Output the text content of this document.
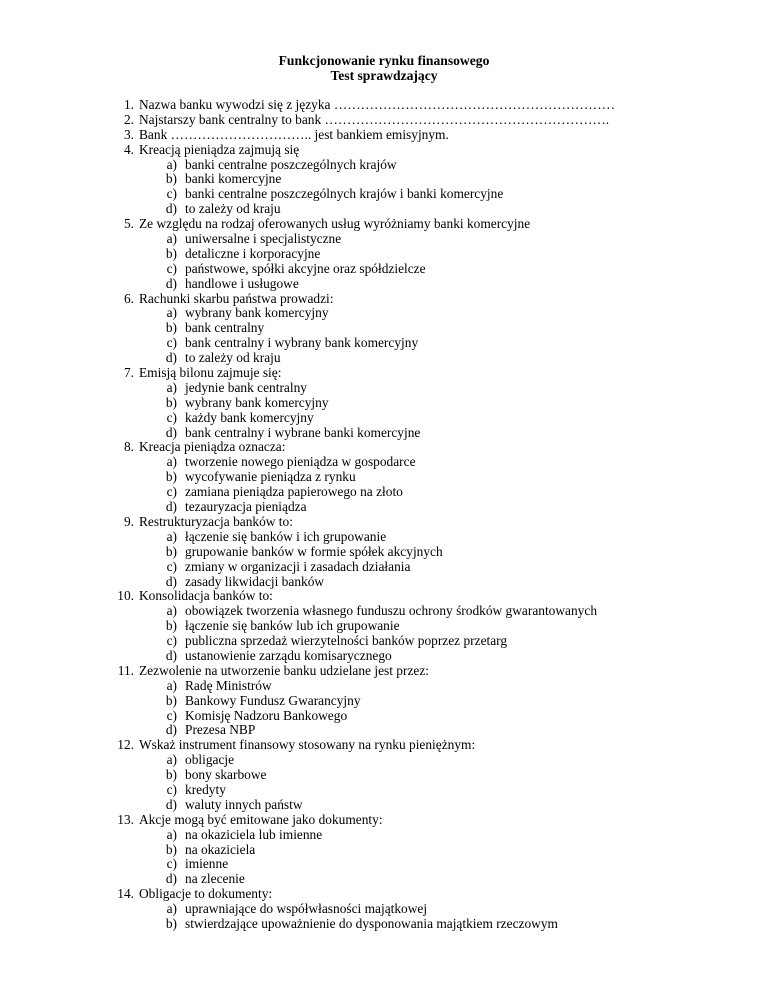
Funkcjonowanie rynku finansowego
Test sprawdzający
1. Nazwa banku wywodzi się z języka ………………………………………………………
2. Najstarszy bank centralny to bank ……………………………………………………….
3. Bank ………………………….. jest bankiem emisyjnym.
4. Kreacją pieniądza zajmują się
a) banki centralne poszczególnych krajów
b) banki komercyjne
c) banki centralne poszczególnych krajów i banki komercyjne
d) to zależy od kraju
5. Ze względu na rodzaj oferowanych usług wyróżniamy banki komercyjne
a) uniwersalne i specjalistyczne
b) detaliczne i korporacyjne
c) państwowe, spółki akcyjne oraz spółdzielcze
d) handlowe i usługowe
6. Rachunki skarbu państwa prowadzi:
a) wybrany bank komercyjny
b) bank centralny
c) bank centralny i wybrany bank komercyjny
d) to zależy od kraju
7. Emisją bilonu zajmuje się:
a) jedynie bank centralny
b) wybrany bank komercyjny
c) każdy bank komercyjny
d) bank centralny i wybrane banki komercyjne
8. Kreacja pieniądza oznacza:
a) tworzenie nowego pieniądza w gospodarce
b) wycofywanie pieniądza z rynku
c) zamiana pieniądza papierowego na złoto
d) tezauryzacja pieniądza
9. Restrukturyzacja banków to:
a) łączenie się banków i ich grupowanie
b) grupowanie banków w formie spółek akcyjnych
c) zmiany w organizacji i zasadach działania
d) zasady likwidacji banków
10. Konsolidacja banków to:
a) obowiązek tworzenia własnego funduszu ochrony środków gwarantowanych
b) łączenie się banków lub ich grupowanie
c) publiczna sprzedaż wierzytelności banków poprzez przetarg
d) ustanowienie zarządu komisarycznego
11. Zezwolenie na utworzenie banku udzielane jest przez:
a) Radę Ministrów
b) Bankowy Fundusz Gwarancyjny
c) Komisję Nadzoru Bankowego
d) Prezesa NBP
12. Wskaż instrument finansowy stosowany na rynku pieniężnym:
a) obligacje
b) bony skarbowe
c) kredyty
d) waluty innych państw
13. Akcje mogą być emitowane jako dokumenty:
a) na okaziciela lub imienne
b) na okaziciela
c) imienne
d) na zlecenie
14. Obligacje to dokumenty:
a) uprawniające do współwłasności majątkowej
b) stwierdzające upoważnienie do dysponowania majątkiem rzeczowym
